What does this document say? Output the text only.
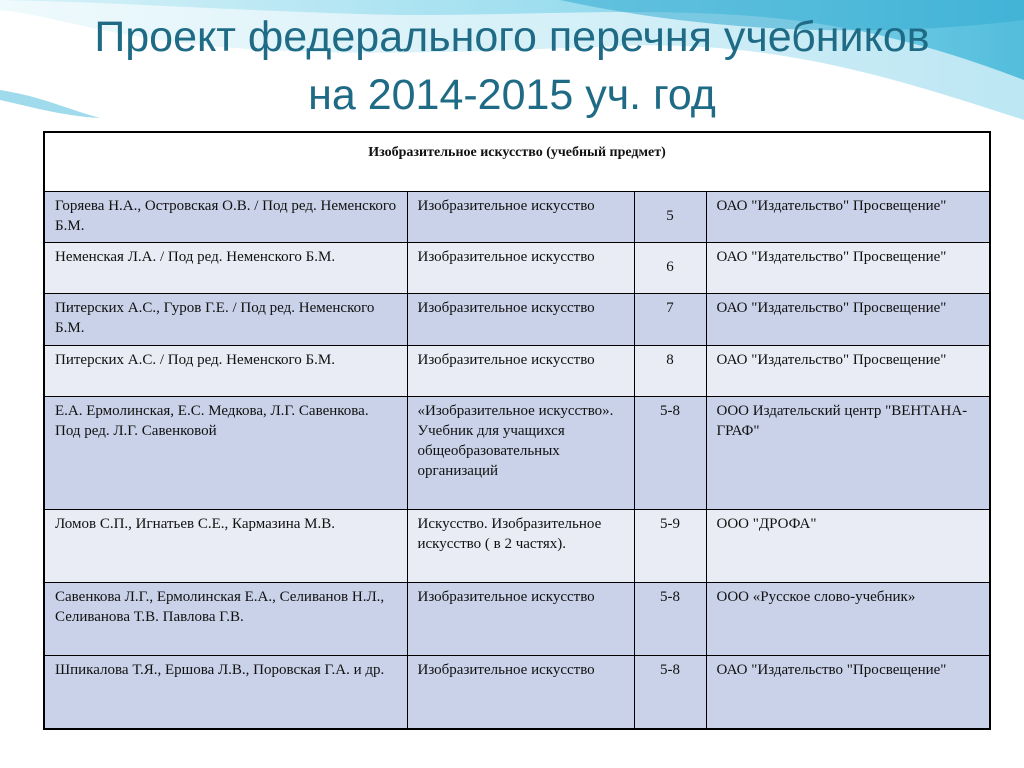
Проект федерального перечня учебников
на 2014-2015 уч. год
Изобразительное искусство (учебный предмет)			
Горяева Н.А., Островская О.В. / Под ред. Неменского Б.М.	Изобразительное искусство	5	ОАО "Издательство" Просвещение"
Неменская Л.А. / Под ред. Неменского Б.М.	Изобразительное искусство	6	ОАО "Издательство" Просвещение"
Питерских А.С., Гуров Г.Е. / Под ред. Неменского Б.М.	Изобразительное искусство	7	ОАО "Издательство" Просвещение"
Питерских А.С. / Под ред. Неменского Б.М.	Изобразительное искусство	8	ОАО "Издательство" Просвещение"
Е.А. Ермолинская, Е.С. Медкова, Л.Г. Савенкова. Под ред. Л.Г. Савенковой	«Изобразительное искусство». Учебник для учащихся общеобразовательных организаций	5-8	ООО Издательский центр "ВЕНТАНА-ГРАФ"
Ломов С.П., Игнатьев С.Е., Кармазина М.В.	Искусство. Изобразительное искусство ( в 2 частях).	5-9	ООО "ДРОФА"
Савенкова Л.Г., Ермолинская Е.А., Селиванов Н.Л., Селиванова Т.В. Павлова Г.В.	Изобразительное искусство	5-8	ООО «Русское слово-учебник»
Шпикалова Т.Я., Ершова Л.В., Поровская Г.А. и др.	Изобразительное искусство	5-8	ОАО "Издательство "Просвещение"
